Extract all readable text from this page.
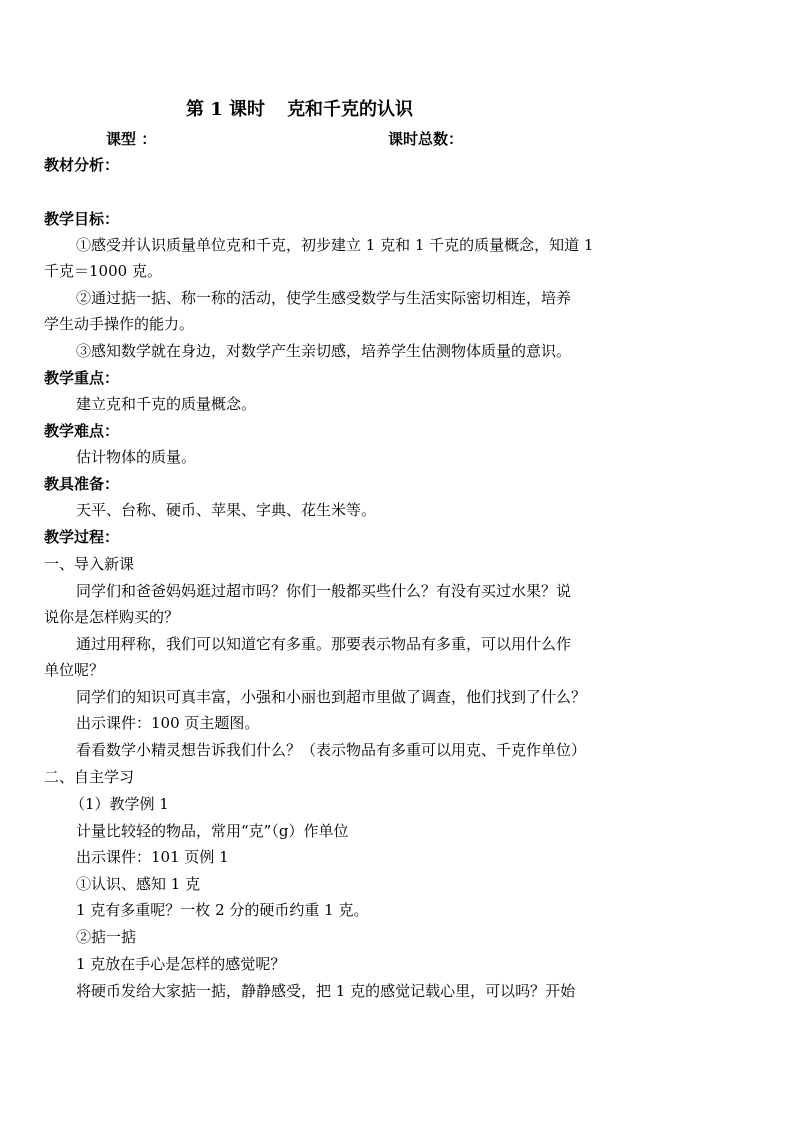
第 1 课时 克和千克的认识
课型 ：	课时总数：
教材分析：
教学目标：
①感受并认识质量单位克和千克，初步建立 1 克和 1 千克的质量概念，知道 1
千克＝1000 克。
②通过掂一掂、称一称的活动，使学生感受数学与生活实际密切相连，培养
学生动手操作的能力。
③感知数学就在身边，对数学产生亲切感，培养学生估测物体质量的意识。
教学重点：
建立克和千克的质量概念。
教学难点：
估计物体的质量。
教具准备：
天平、台称、硬币、苹果、字典、花生米等。
教学过程：
一、导入新课
同学们和爸爸妈妈逛过超市吗？你们一般都买些什么？有没有买过水果？说
说你是怎样购买的？
通过用秤称，我们可以知道它有多重。那要表示物品有多重，可以用什么作
单位呢？
同学们的知识可真丰富，小强和小丽也到超市里做了调查，他们找到了什么？
出示课件：100 页主题图。
看看数学小精灵想告诉我们什么？（表示物品有多重可以用克、千克作单位）
二、自主学习
（1）教学例 1
计量比较轻的物品，常用“克”（g）作单位
出示课件：101 页例 1
①认识、感知 1 克
1 克有多重呢？一枚 2 分的硬币约重 1 克。
②掂一掂
1 克放在手心是怎样的感觉呢？
将硬币发给大家掂一掂，静静感受，把 1 克的感觉记载心里，可以吗？开始
